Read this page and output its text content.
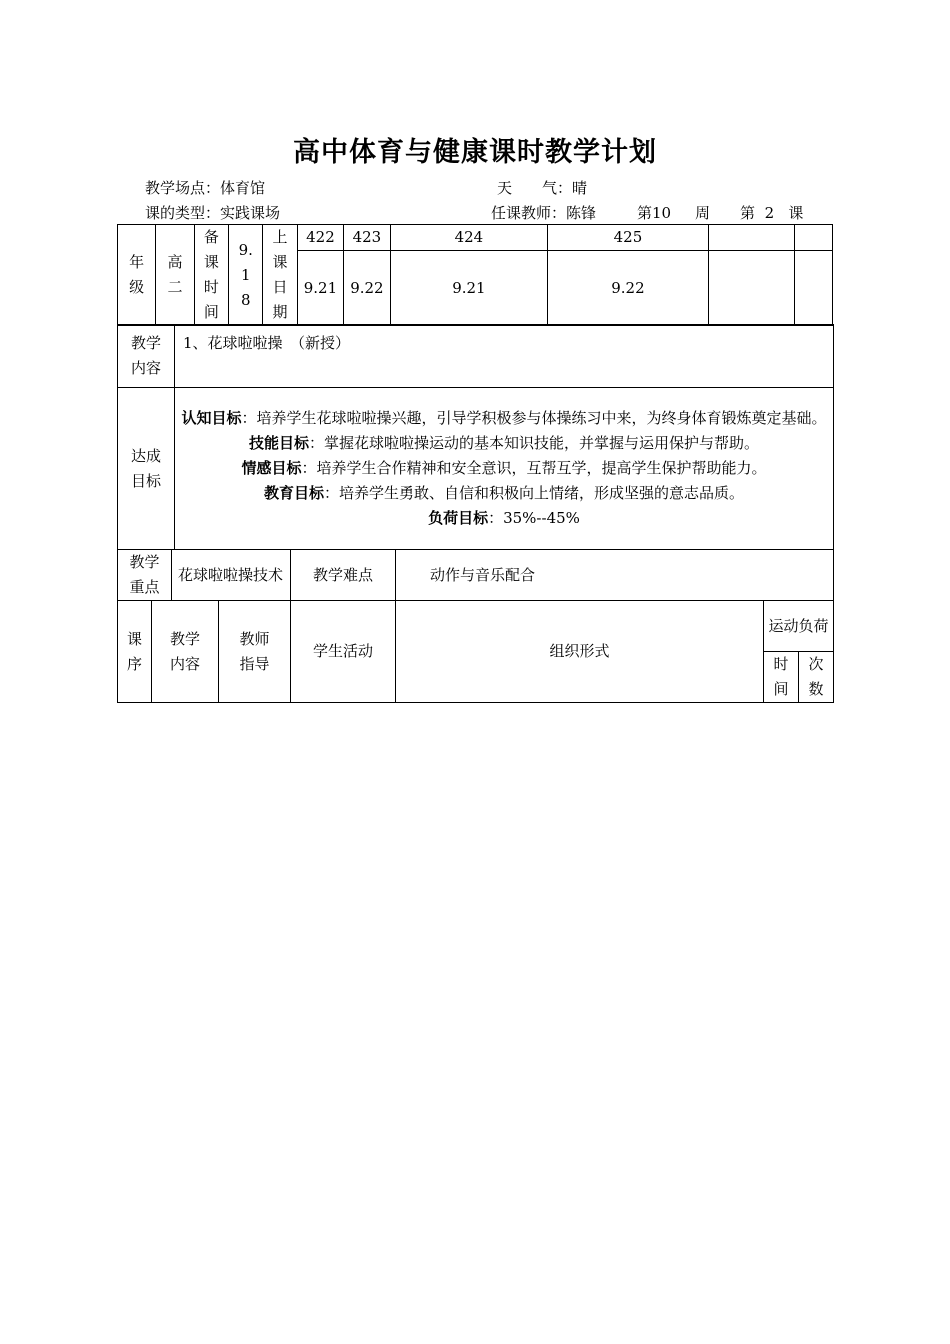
高中体育与健康课时教学计划
教学场点：体育馆	天　　气：晴
课的类型：实践课场	任课教师：陈锋	第10 周 第 2 课
年级	高二	备课时间	9.18	上课日期	422	423	424	425		
					9.21	9.22	9.21	9.22		
教学内容	1、花球啦啦操　（新授）
达成目标	认知目标：培养学生花球啦啦操兴趣，引导学积极参与体操练习中来，为终身体育锻炼奠定基础。
技能目标：掌握花球啦啦操运动的基本知识技能，并掌握与运用保护与帮助。
情感目标：培养学生合作精神和安全意识，互帮互学，提高学生保护帮助能力。
教育目标：培养学生勇敢、自信和积极向上情绪，形成坚强的意志品质。
负荷目标：35%--45%
教学重点	花球啦啦操技术	教学难点	动作与音乐配合
课序	教学内容	教师指导	学生活动	组织形式	运动负荷	
					时间	次数
